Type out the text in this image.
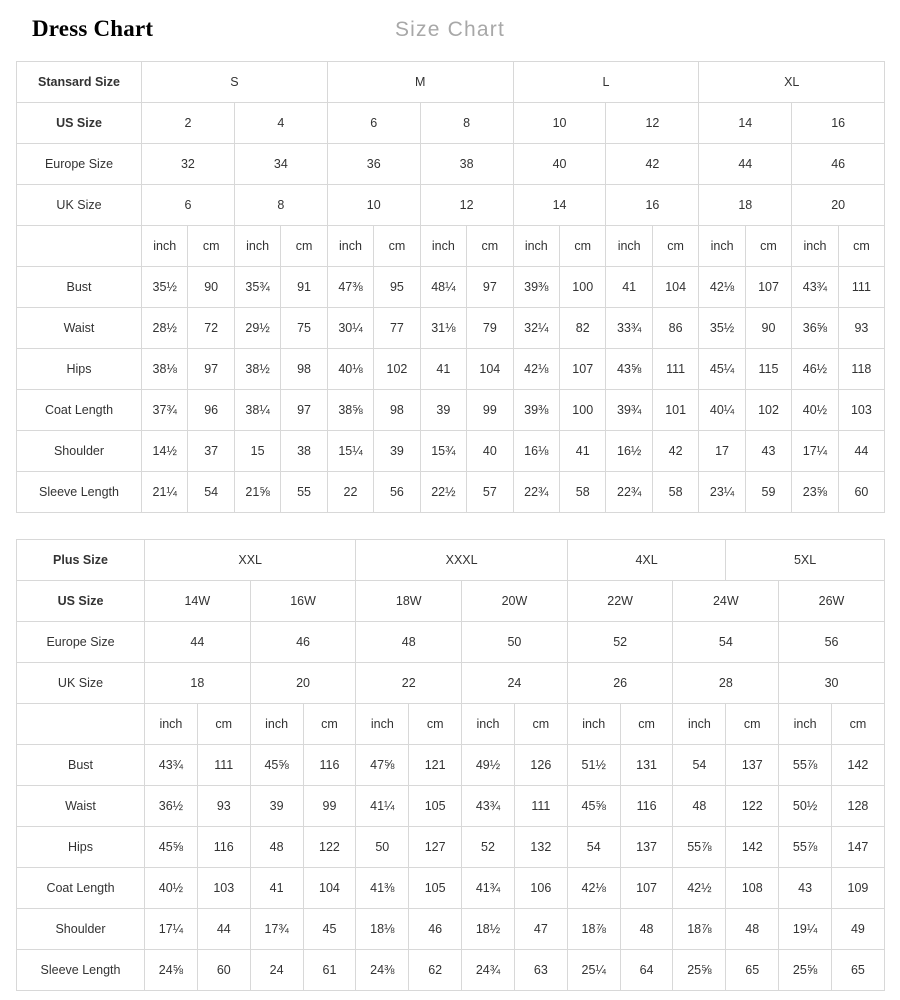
Dress Chart	Size Chart
Stansard Size	S				M				L				XL			
US Size	2		4		6		8		10		12		14		16	
Europe Size	32		34		36		38		40		42		44		46	
UK Size	6		8		10		12		14		16		18		20	
	inch	cm	inch	cm	inch	cm	inch	cm	inch	cm	inch	cm	inch	cm	inch	cm
Bust	35½	90	35¾	91	47⅜	95	48¼	97	39⅜	100	41	104	42⅛	107	43¾	111
Waist	28½	72	29½	75	30¼	77	31⅛	79	32¼	82	33¾	86	35½	90	36⅝	93
Hips	38⅛	97	38½	98	40⅛	102	41	104	42⅛	107	43⅝	111	45¼	115	46½	118
Coat Length	37¾	96	38¼	97	38⅝	98	39	99	39⅜	100	39¾	101	40¼	102	40½	103
Shoulder	14½	37	15	38	15¼	39	15¾	40	16⅛	41	16½	42	17	43	17¼	44
Sleeve Length	21¼	54	21⅝	55	22	56	22½	57	22¾	58	22¾	58	23¼	59	23⅝	60
Plus Size	XXL				XXXL				4XL			5XL		
US Size	14W		16W		18W		20W		22W		24W		26W	
Europe Size	44		46		48		50		52		54		56	
UK Size	18		20		22		24		26		28		30	
	inch	cm	inch	cm	inch	cm	inch	cm	inch	cm	inch	cm	inch	cm
Bust	43¾	111	45⅝	116	47⅝	121	49½	126	51½	131	54	137	55⅞	142
Waist	36½	93	39	99	41¼	105	43¾	111	45⅝	116	48	122	50½	128
Hips	45⅝	116	48	122	50	127	52	132	54	137	55⅞	142	55⅞	147
Coat Length	40½	103	41	104	41⅜	105	41¾	106	42⅛	107	42½	108	43	109
Shoulder	17¼	44	17¾	45	18⅛	46	18½	47	18⅞	48	18⅞	48	19¼	49
Sleeve Length	24⅝	60	24	61	24⅜	62	24¾	63	25¼	64	25⅝	65	25⅝	65
